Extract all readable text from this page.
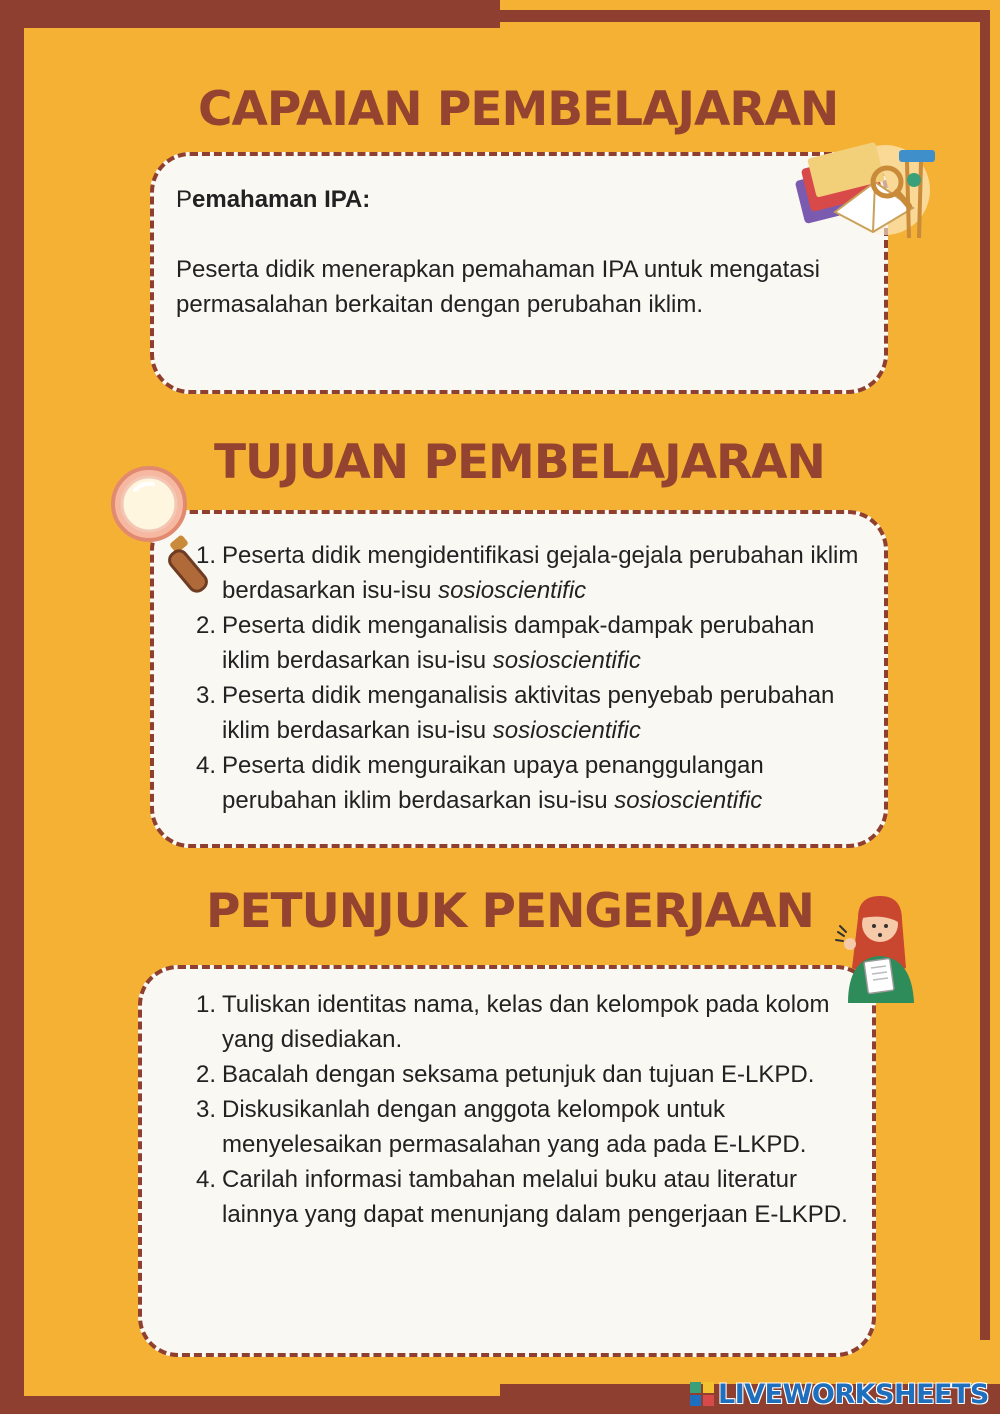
CAPAIAN PEMBELAJARAN

Pemahaman IPA:

Peserta didik menerapkan pemahaman IPA untuk mengatasi permasalahan berkaitan dengan perubahan iklim.

TUJUAN PEMBELAJARAN
1. Peserta didik mengidentifikasi gejala-gejala perubahan iklim berdasarkan isu-isu sosioscientific
2. Peserta didik menganalisis dampak-dampak perubahan iklim berdasarkan isu-isu sosioscientific
3. Peserta didik menganalisis aktivitas penyebab perubahan iklim berdasarkan isu-isu sosioscientific
4. Peserta didik menguraikan upaya penanggulangan perubahan iklim berdasarkan isu-isu sosioscientific
PETUNJUK PENGERJAAN
1. Tuliskan identitas nama, kelas dan kelompok pada kolom yang disediakan.
2. Bacalah dengan seksama petunjuk dan tujuan E-LKPD.
3. Diskusikanlah dengan anggota kelompok untuk menyelesaikan permasalahan yang ada pada E-LKPD.
4. Carilah informasi tambahan melalui buku atau literatur lainnya yang dapat menunjang dalam pengerjaan E-LKPD.
LIVEWORKSHEETS
